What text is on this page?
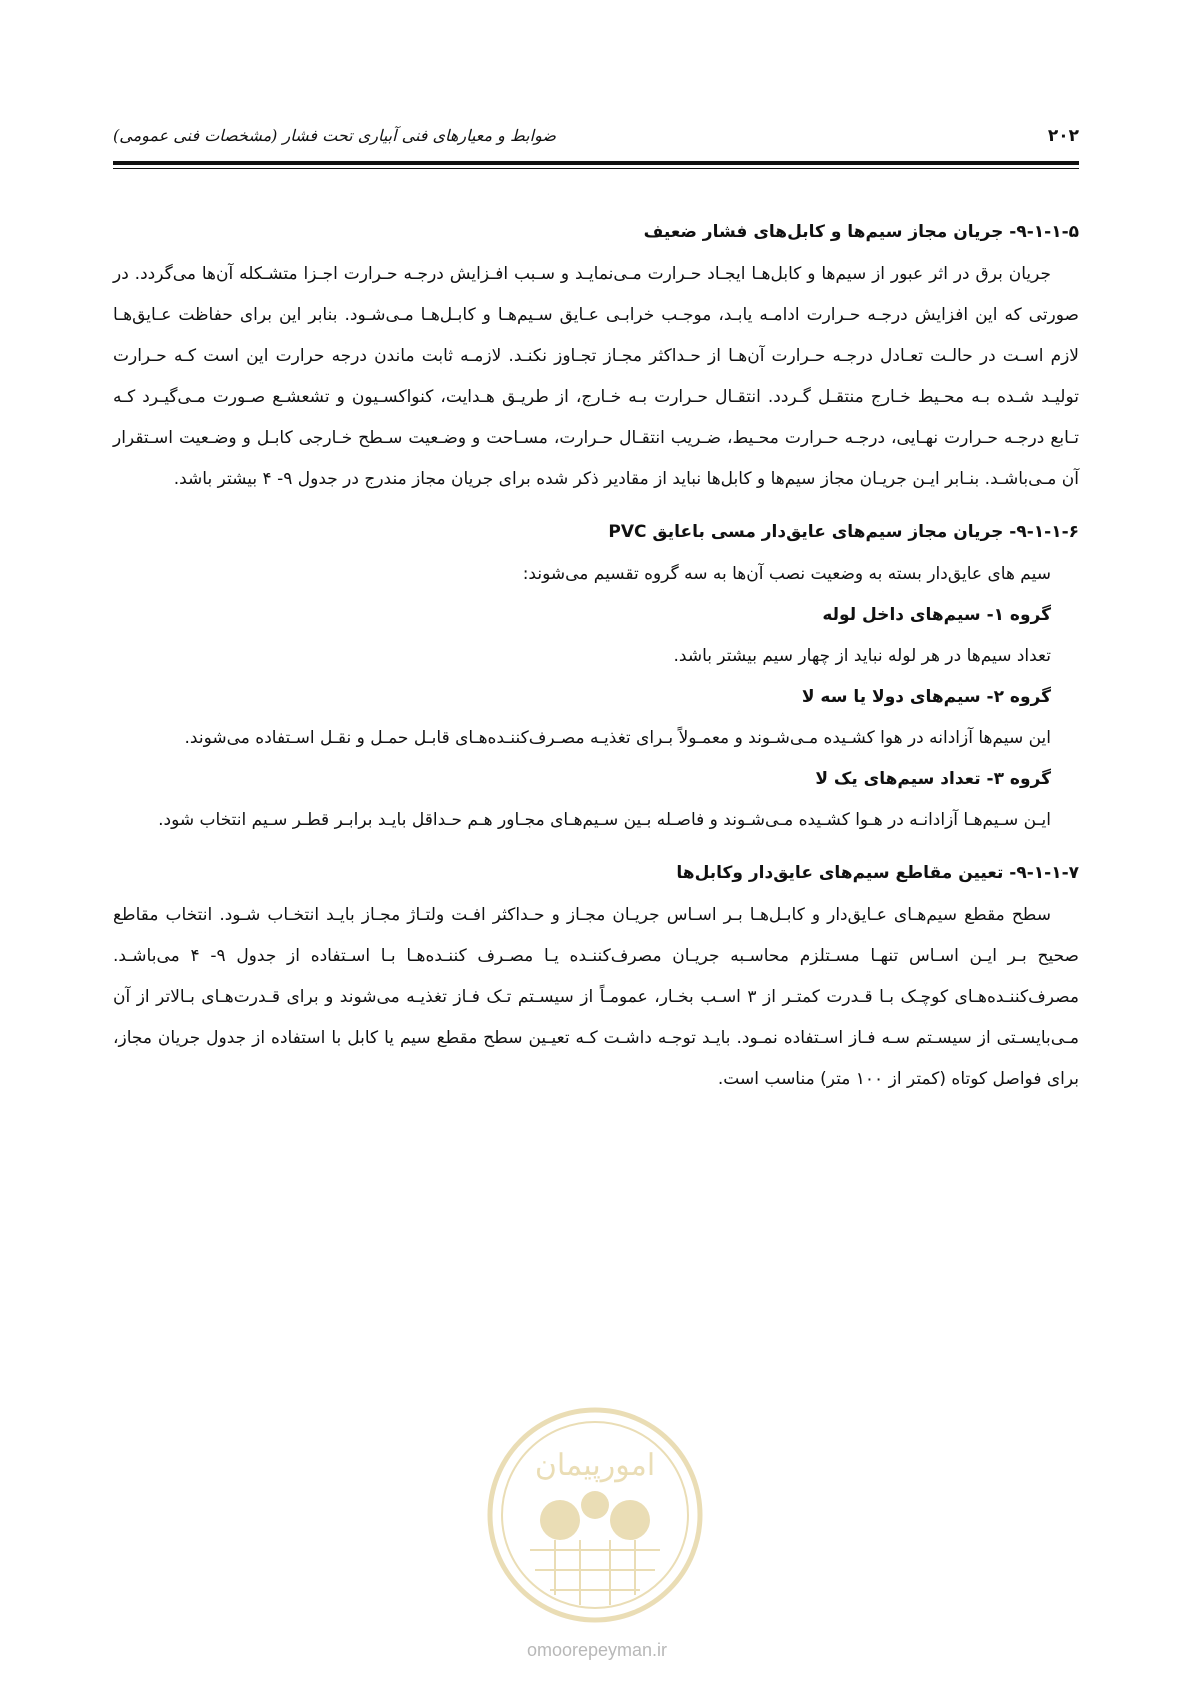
۲۰۲
ضوابط و معیارهای فنی آبیاری تحت فشار (مشخصات فنی عمومی)

۹-۱-۱-۵- جریان مجاز سیم‌ها و کابل‌های فشار ضعیف

جریان برق در اثر عبور از سیم‌ها و کابل‌هـا ایجـاد حـرارت مـی‌نمایـد و سـبب افـزایش درجـه حـرارت اجـزا متشـکله آن‌ها می‌گردد. در صورتی که این افزایش درجـه حـرارت ادامـه یابـد، موجـب خرابـی عـایق سـیم‌هـا و کابـل‌هـا مـی‌شـود. بنابر این برای حفاظت عـایق‌هـا لازم اسـت در حالـت تعـادل درجـه حـرارت آن‌هـا از حـداکثر مجـاز تجـاوز نکنـد. لازمـه ثابت ماندن درجه حرارت این است کـه حـرارت تولیـد شـده بـه محـیط خـارج منتقـل گـردد. انتقـال حـرارت بـه خـارج، از طریـق هـدایت، کنواکسـیون و تشعشـع صـورت مـی‌گیـرد کـه تـابع درجـه حـرارت نهـایی، درجـه حـرارت محـیط، ضـریب انتقـال حـرارت، مسـاحت و وضـعیت سـطح خـارجی کابـل و وضـعیت اسـتقرار آن مـی‌باشـد. بنـابر ایـن جریـان مجاز سیم‌ها و کابل‌ها نباید از مقادیر ذکر شده برای جریان مجاز مندرج در جدول ۹- ۴ بیشتر باشد.

۹-۱-۱-۶- جریان مجاز سیم‌های عایق‌دار مسی باعایق PVC

سیم های عایق‌دار بسته به وضعیت نصب آن‌ها به سه گروه تقسیم می‌شوند:

گروه ۱- سیم‌های داخل لوله

تعداد سیم‌ها در هر لوله نباید از چهار سیم بیشتر باشد.

گروه ۲- سیم‌های دولا یا سه لا

این سیم‌ها آزادانه در هوا کشـیده مـی‌شـوند و معمـولاً بـرای تغذیـه مصـرف‌کننـده‌هـای قابـل حمـل و نقـل اسـتفاده می‌شوند.

گروه ۳- تعداد سیم‌های یک لا

ایـن سـیم‌هـا آزادانـه در هـوا کشـیده مـی‌شـوند و فاصـله بـین سـیم‌هـای مجـاور هـم حـداقل بایـد برابـر قطـر سـیم انتخاب شود.

۹-۱-۱-۷- تعیین مقاطع سیم‌های عایق‌دار وکابل‌ها

سطح مقطع سیم‌هـای عـایق‌دار و کابـل‌هـا بـر اسـاس جریـان مجـاز و حـداکثر افـت ولتـاژ مجـاز بایـد انتخـاب شـود. انتخاب مقاطع صحیح بـر ایـن اسـاس تنهـا مسـتلزم محاسـبه جریـان مصرف‌کننـده یـا مصـرف کننـده‌هـا بـا اسـتفاده از جدول ۹- ۴ می‌باشـد. مصرف‌کننـده‌هـای کوچـک بـا قـدرت کمتـر از ۳ اسـب بخـار، عمومـاً از سیسـتم تـک فـاز تغذیـه می‌شوند و برای قـدرت‌هـای بـالاتر از آن مـی‌بایسـتی از سیسـتم سـه فـاز اسـتفاده نمـود. بایـد توجـه داشـت کـه تعیـین سطح مقطع سیم یا کابل با استفاده از جدول جریان مجاز، برای فواصل کوتاه (کمتر از ۱۰۰ متر) مناسب است.

امورپیمان
omoorepeyman.ir
